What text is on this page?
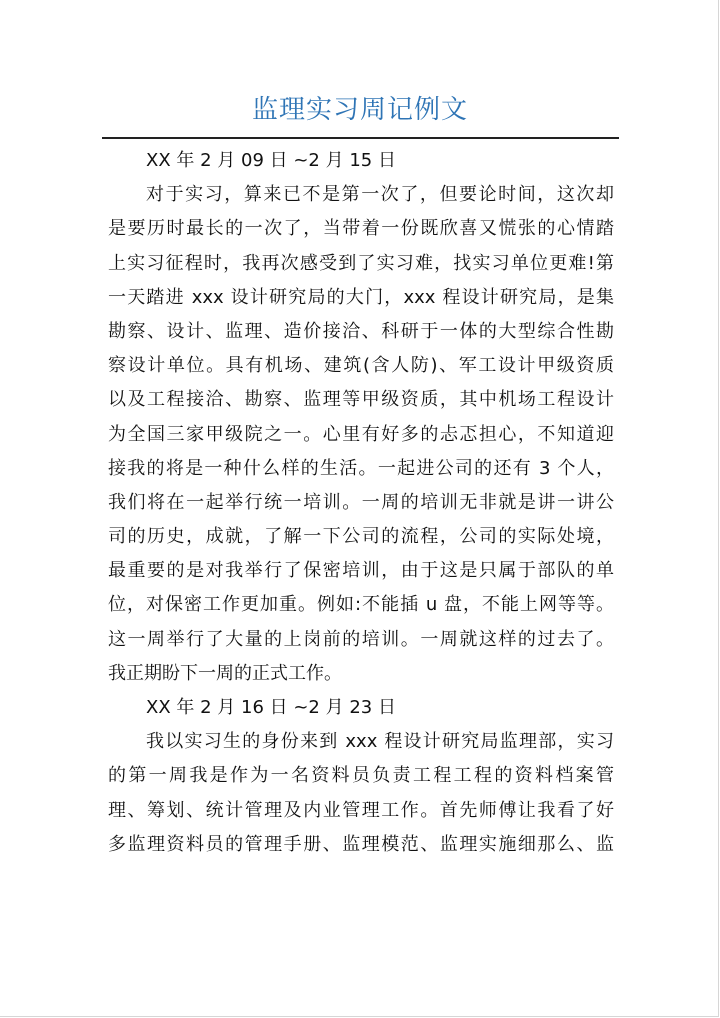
监理实习周记例文
XX 年 2 月 09 日 ~2 月 15 日
对于实习，算来已不是第一次了，但要论时间，这次却
是要历时最长的一次了，当带着一份既欣喜又慌张的心情踏
上实习征程时，我再次感受到了实习难，找实习单位更难!第
一天踏进 xxx 设计研究局的大门，xxx 程设计研究局，是集
勘察、设计、监理、造价接洽、科研于一体的大型综合性勘
察设计单位。具有机场、建筑(含人防)、军工设计甲级资质
以及工程接洽、勘察、监理等甲级资质，其中机场工程设计
为全国三家甲级院之一。心里有好多的忐忑担心，不知道迎
接我的将是一种什么样的生活。一起进公司的还有 3 个人，
我们将在一起举行统一培训。一周的培训无非就是讲一讲公
司的历史，成就，了解一下公司的流程，公司的实际处境，
最重要的是对我举行了保密培训，由于这是只属于部队的单
位，对保密工作更加重。例如:不能插 u 盘，不能上网等等。
这一周举行了大量的上岗前的培训。一周就这样的过去了。
我正期盼下一周的正式工作。
XX 年 2 月 16 日 ~2 月 23 日
我以实习生的身份来到 xxx 程设计研究局监理部，实习
的第一周我是作为一名资料员负责工程工程的资料档案管
理、筹划、统计管理及内业管理工作。首先师傅让我看了好
多监理资料员的管理手册、监理模范、监理实施细那么、监
